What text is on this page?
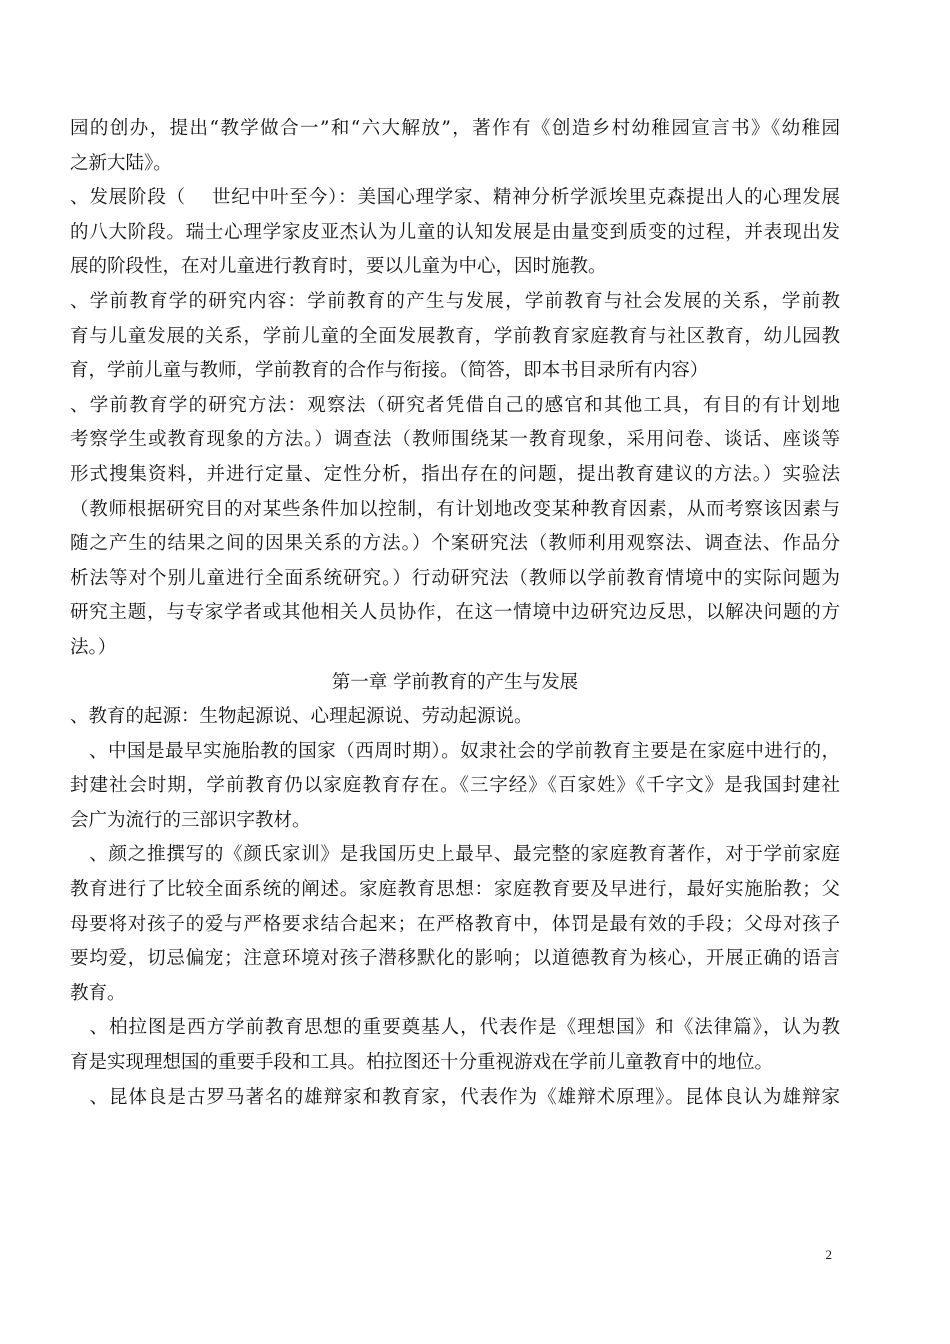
园的创办，提出“教学做合一”和“六大解放”，著作有《创造乡村幼稚园宣言书》《幼稚园
之新大陆》。
、发展阶段（　 世纪中叶至今）：美国心理学家、精神分析学派埃里克森提出人的心理发展
的八大阶段。瑞士心理学家皮亚杰认为儿童的认知发展是由量变到质变的过程，并表现出发
展的阶段性，在对儿童进行教育时，要以儿童为中心，因时施教。
、学前教育学的研究内容：学前教育的产生与发展，学前教育与社会发展的关系，学前教
育与儿童发展的关系，学前儿童的全面发展教育，学前教育家庭教育与社区教育，幼儿园教
育，学前儿童与教师，学前教育的合作与衔接。（简答，即本书目录所有内容）
、学前教育学的研究方法：观察法（研究者凭借自己的感官和其他工具，有目的有计划地
考察学生或教育现象的方法。）调查法（教师围绕某一教育现象，采用问卷、谈话、座谈等
形式搜集资料，并进行定量、定性分析，指出存在的问题，提出教育建议的方法。）实验法
（教师根据研究目的对某些条件加以控制，有计划地改变某种教育因素，从而考察该因素与
随之产生的结果之间的因果关系的方法。）个案研究法（教师利用观察法、调查法、作品分
析法等对个别儿童进行全面系统研究。）行动研究法（教师以学前教育情境中的实际问题为
研究主题，与专家学者或其他相关人员协作，在这一情境中边研究边反思，以解决问题的方
法。）
第一章 学前教育的产生与发展
、教育的起源：生物起源说、心理起源说、劳动起源说。
　、中国是最早实施胎教的国家（西周时期）。奴隶社会的学前教育主要是在家庭中进行的，
封建社会时期，学前教育仍以家庭教育存在。《三字经》《百家姓》《千字文》是我国封建社
会广为流行的三部识字教材。
　、颜之推撰写的《颜氏家训》是我国历史上最早、最完整的家庭教育著作，对于学前家庭
教育进行了比较全面系统的阐述。家庭教育思想：家庭教育要及早进行，最好实施胎教；父
母要将对孩子的爱与严格要求结合起来；在严格教育中，体罚是最有效的手段；父母对孩子
要均爱，切忌偏宠；注意环境对孩子潜移默化的影响；以道德教育为核心，开展正确的语言
教育。
　、柏拉图是西方学前教育思想的重要奠基人，代表作是《理想国》和《法律篇》，认为教
育是实现理想国的重要手段和工具。柏拉图还十分重视游戏在学前儿童教育中的地位。
　、昆体良是古罗马著名的雄辩家和教育家，代表作为《雄辩术原理》。昆体良认为雄辩家
2
